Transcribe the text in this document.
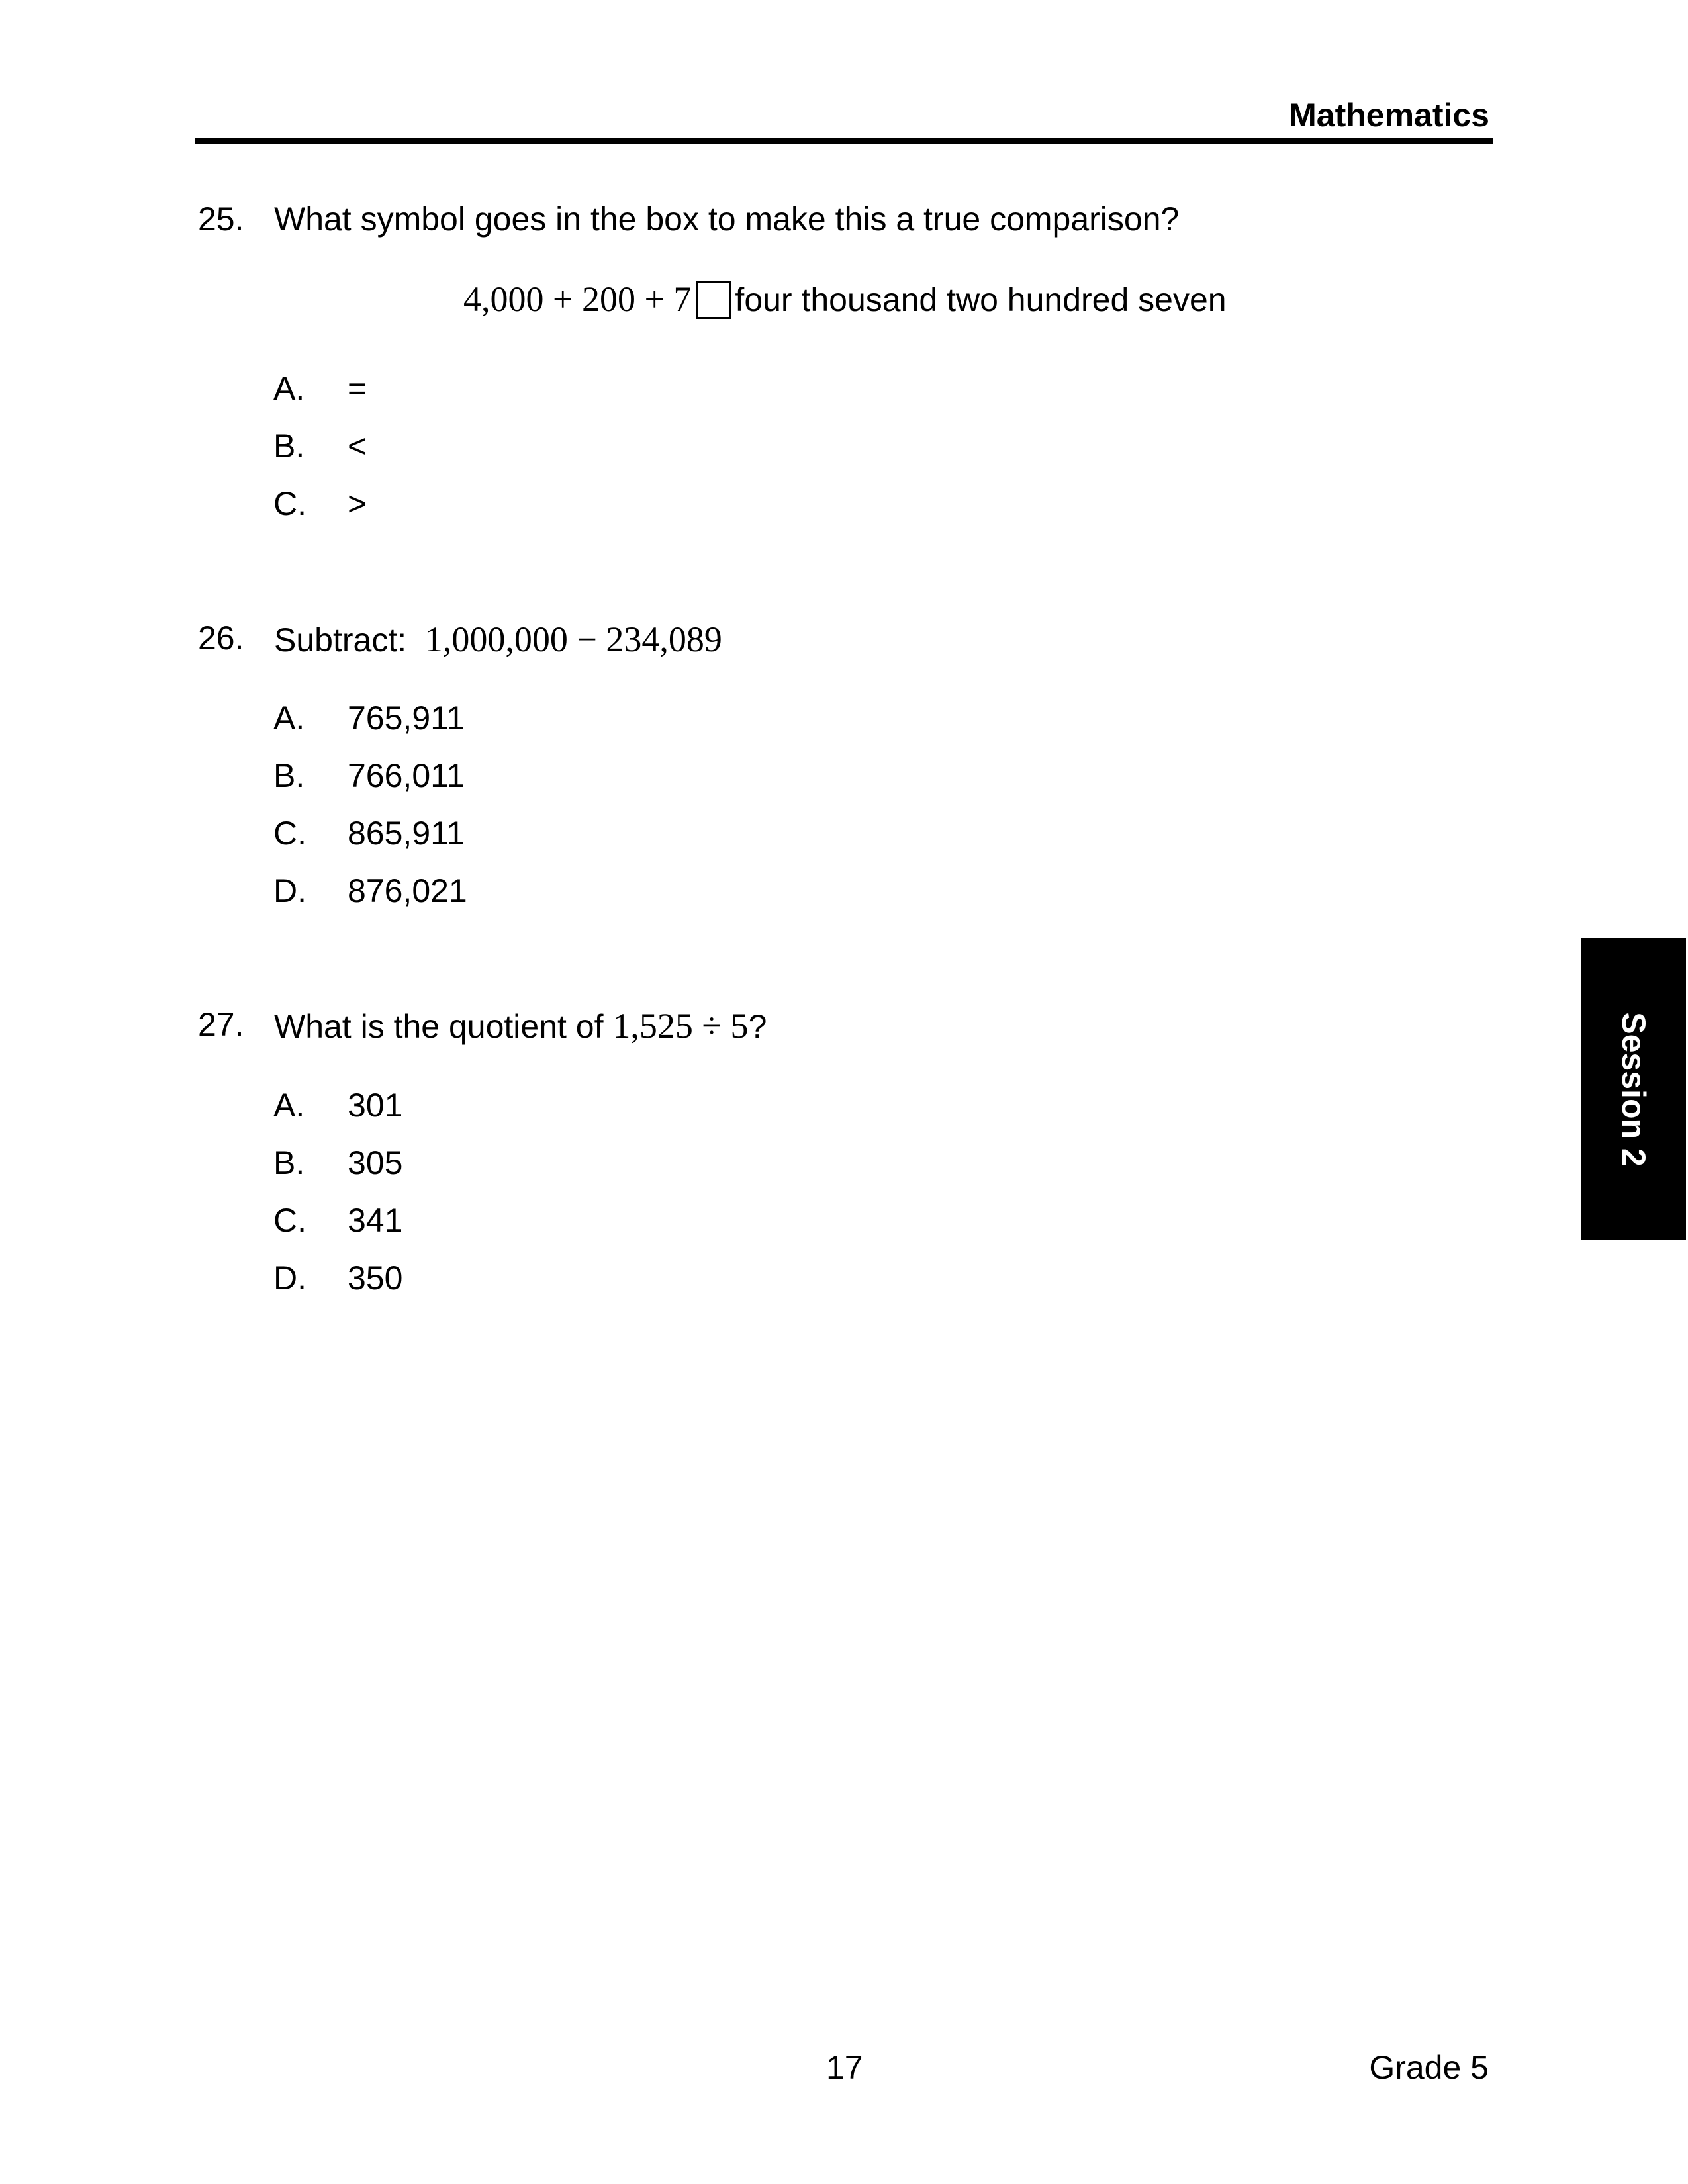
Mathematics
25. What symbol goes in the box to make this a true comparison?
4,000 + 200 + 7 four thousand two hundred seven
A. =
B. <
C. >
26. Subtract: 1,000,000 − 234,089
A. 765,911
B. 766,011
C. 865,911
D. 876,021
27. What is the quotient of 1,525 ÷ 5?
A. 301
B. 305
C. 341
D. 350
Session 2
17	Grade 5
